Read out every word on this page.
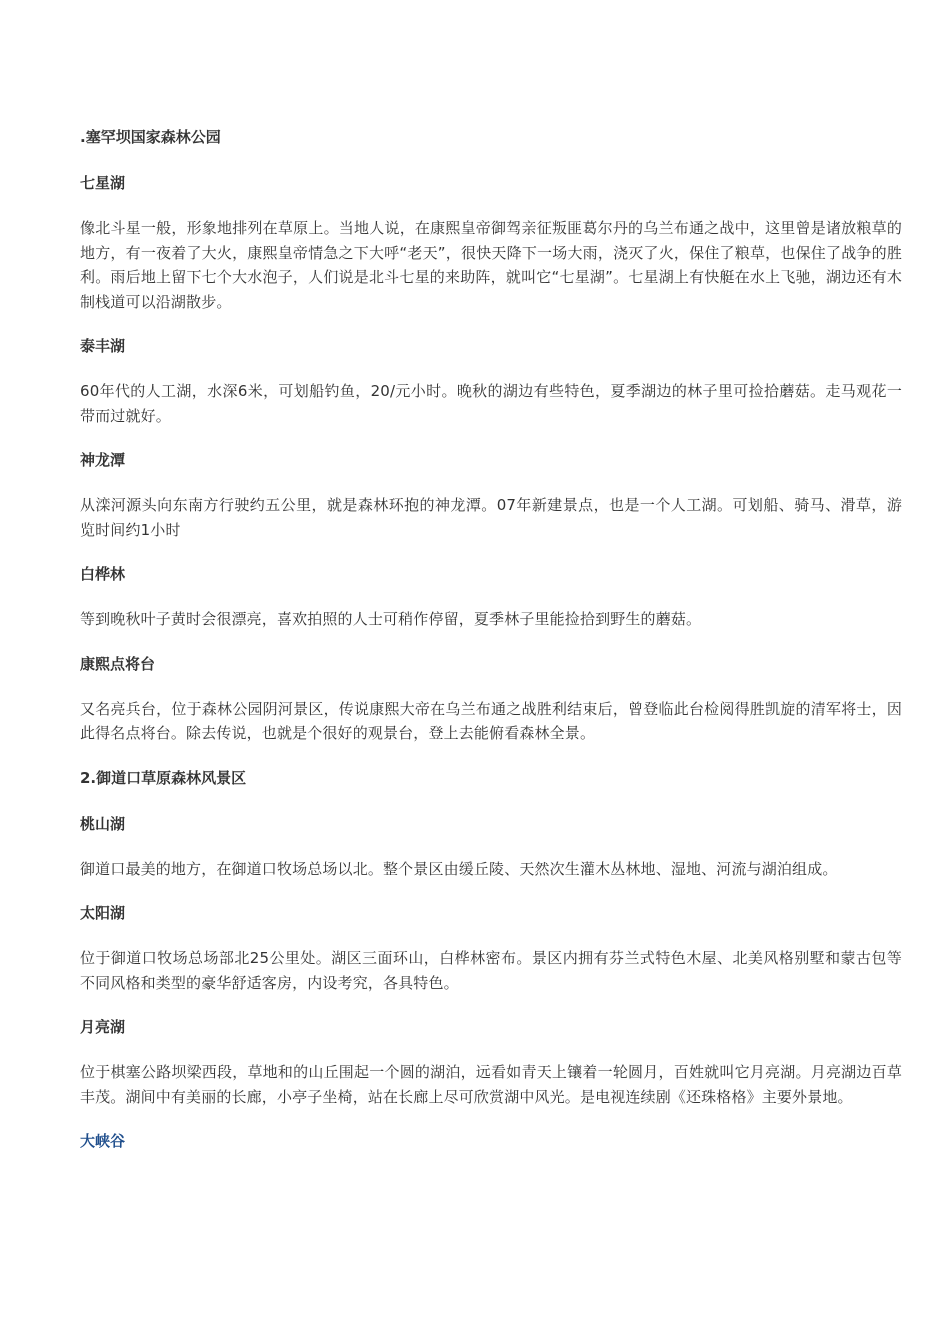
.塞罕坝国家森林公园
七星湖

像北斗星一般，形象地排列在草原上。当地人说，在康熙皇帝御驾亲征叛匪葛尔丹的乌兰布通之战中，这里曾是诸放粮草的地方，有一夜着了大火，康熙皇帝情急之下大呼“老天”，很快天降下一场大雨，浇灭了火，保住了粮草，也保住了战争的胜利。雨后地上留下七个大水泡子，人们说是北斗七星的来助阵，就叫它“七星湖”。七星湖上有快艇在水上飞驰，湖边还有木制栈道可以沿湖散步。

泰丰湖

60年代的人工湖，水深6米，可划船钓鱼，20/元小时。晚秋的湖边有些特色，夏季湖边的林子里可捡拾蘑菇。走马观花一带而过就好。

神龙潭

从滦河源头向东南方行驶约五公里，就是森林环抱的神龙潭。07年新建景点，也是一个人工湖。可划船、骑马、滑草，游览时间约1小时

白桦林

等到晚秋叶子黄时会很漂亮，喜欢拍照的人士可稍作停留，夏季林子里能捡拾到野生的蘑菇。

康熙点将台

又名亮兵台，位于森林公园阴河景区，传说康熙大帝在乌兰布通之战胜利结束后，曾登临此台检阅得胜凯旋的清军将士，因此得名点将台。除去传说，也就是个很好的观景台，登上去能俯看森林全景。

2.御道口草原森林风景区
桃山湖

御道口最美的地方，在御道口牧场总场以北。整个景区由缓丘陵、天然次生灌木丛林地、湿地、河流与湖泊组成。

太阳湖

位于御道口牧场总场部北25公里处。湖区三面环山，白桦林密布。景区内拥有芬兰式特色木屋、北美风格别墅和蒙古包等不同风格和类型的豪华舒适客房，内设考究，各具特色。

月亮湖

位于棋塞公路坝梁西段，草地和的山丘围起一个圆的湖泊，远看如青天上镶着一轮圆月，百姓就叫它月亮湖。月亮湖边百草丰茂。湖间中有美丽的长廊，小亭子坐椅，站在长廊上尽可欣赏湖中风光。是电视连续剧《还珠格格》主要外景地。

大峡谷
